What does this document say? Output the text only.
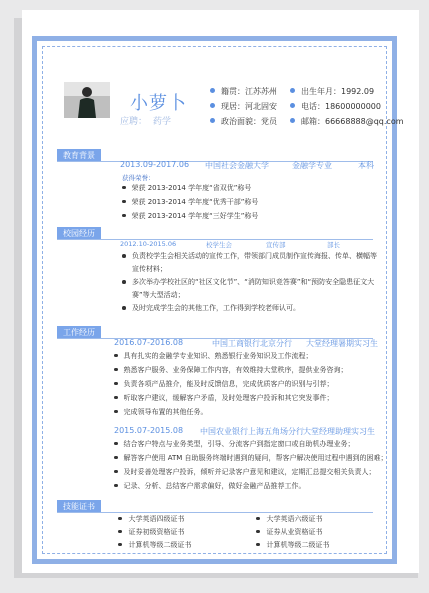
小萝卜
应聘： 药学
籍贯：江苏苏州	出生年月：1992.09
现居：河北固安	电话：18600000000
政治面貌：党员	邮箱：66668888@qq.com
教育背景
2013.09-2017.06 中国社会金融大学	金融学专业	本科
获得荣誉：
荣获 2013-2014 学年度“省双优”称号
荣获 2013-2014 学年度“优秀干部”称号
荣获 2013-2014 学年度“三好学生”称号
校园经历
2012.10-2015.06	校学生会	宣传部	部长
负责校学生会相关活动的宣传工作，带领部门成员制作宣传海报、传单、横幅等宣传材料；
多次举办学校社区的“社区文化节”、“消防知识竞答赛”和“预防安全隐患征文大赛”等大型活动；
及时完成学生会的其他工作，工作得到学校老师认可。
工作经历
2016.07-2016.08	中国工商银行北京分行 大堂经理暑期实习生
具有扎实的金融学专业知识、熟悉银行业务知识及工作流程；
熟悉客户服务、业务保障工作内容，有效维持大堂秩序，提供业务咨询；
负责各项产品推介，能及时反馈信息，完成优质客户的识别与引荐；
听取客户建议，缓解客户矛盾，及时处理客户投诉和其它突发事件；
完成领导布置的其他任务。
2015.07-2015.08 中国农业银行上海五角场分行 大堂经理助理实习生
结合客户特点与业务类型，引导、分流客户到指定窗口或自助机办理业务；
解答客户使用 ATM 自助服务终端时遇到的疑问，帮客户解决使用过程中遇到的困难；
及时妥善处理客户投诉，倾听并记录客户意见和建议，定期汇总提交相关负责人；
记录、分析、总结客户需求偏好，做好金融产品推荐工作。
技能证书
大学英语四级证书	大学英语六级证书
证券初级资格证书	证券从业资格证书
计算机等级二级证书	计算机等级二级证书
